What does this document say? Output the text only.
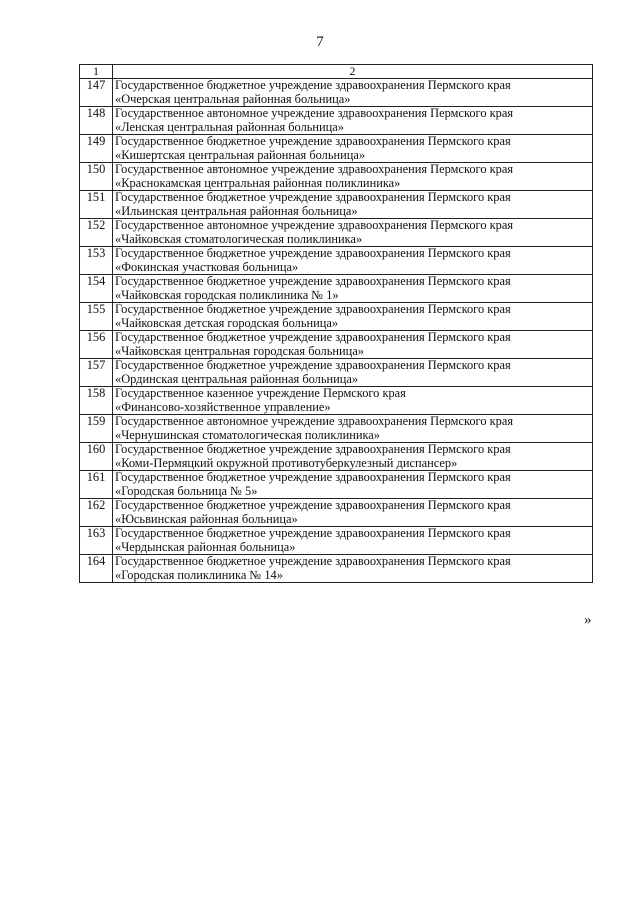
7
1	2
147	Государственное бюджетное учреждение здравоохранения Пермского края
«Очерская центральная районная больница»

148	Государственное автономное учреждение здравоохранения Пермского края
«Ленская центральная районная больница»

149	Государственное бюджетное учреждение здравоохранения Пермского края
«Кишертская центральная районная больница»

150	Государственное автономное учреждение здравоохранения Пермского края
«Краснокамская центральная районная поликлиника»

151	Государственное бюджетное учреждение здравоохранения Пермского края
«Ильинская центральная районная больница»

152	Государственное автономное учреждение здравоохранения Пермского края
«Чайковская стоматологическая поликлиника»

153	Государственное бюджетное учреждение здравоохранения Пермского края
«Фокинская участковая больница»

154	Государственное бюджетное учреждение здравоохранения Пермского края
«Чайковская городская поликлиника № 1»

155	Государственное бюджетное учреждение здравоохранения Пермского края
«Чайковская детская городская больница»

156	Государственное бюджетное учреждение здравоохранения Пермского края
«Чайковская центральная городская больница»

157	Государственное бюджетное учреждение здравоохранения Пермского края
«Ординская центральная районная больница»

158	Государственное казенное учреждение Пермского края
«Финансово-хозяйственное управление»

159	Государственное автономное учреждение здравоохранения Пермского края
«Чернушинская стоматологическая поликлиника»

160	Государственное бюджетное учреждение здравоохранения Пермского края
«Коми-Пермяцкий окружной противотуберкулезный диспансер»

161	Государственное бюджетное учреждение здравоохранения Пермского края
«Городская больница № 5»

162	Государственное бюджетное учреждение здравоохранения Пермского края
«Юсьвинская районная больница»

163	Государственное бюджетное учреждение здравоохранения Пермского края
«Чердынская районная больница»

164	Государственное бюджетное учреждение здравоохранения Пермского края
«Городская поликлиника № 14»
»
